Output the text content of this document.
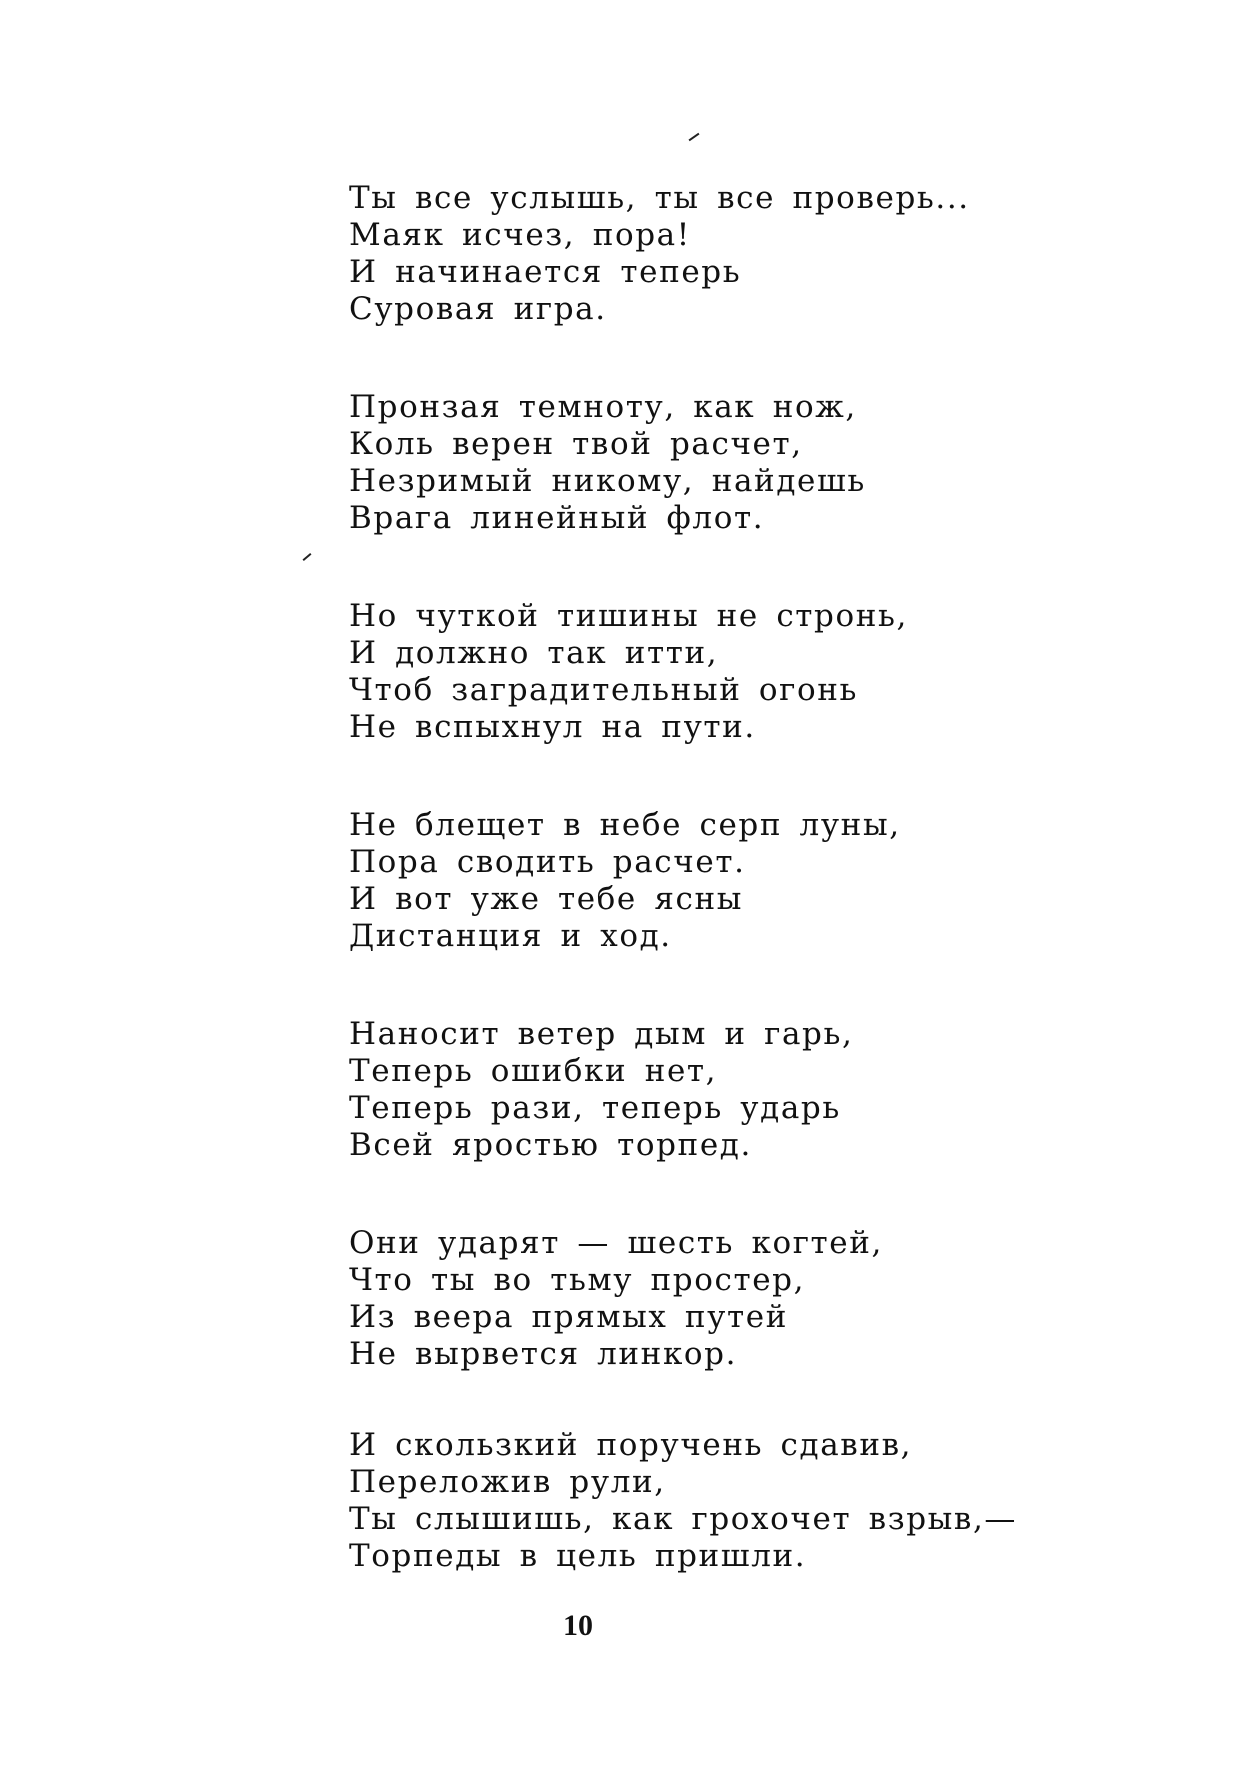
Ты все услышь, ты все проверь...
Маяк исчез, пора!
И начинается теперь
Суровая игра.
Пронзая темноту, как нож,
Коль верен твой расчет,
Незримый никому, найдешь
Врага линейный флот.
Но чуткой тишины не стронь,
И должно так итти,
Чтоб заградительный огонь
Не вспыхнул на пути.
Не блещет в небе серп луны,
Пора сводить расчет.
И вот уже тебе ясны
Дистанция и ход.
Наносит ветер дым и гарь,
Теперь ошибки нет,
Теперь рази, теперь ударь
Всей яростью торпед.
Они ударят — шесть когтей,
Что ты во тьму простер,
Из веера прямых путей
Не вырвется линкор.
И скользкий поручень сдавив,
Переложив рули,
Ты слышишь, как грохочет взрыв,—
Торпеды в цель пришли.
10
